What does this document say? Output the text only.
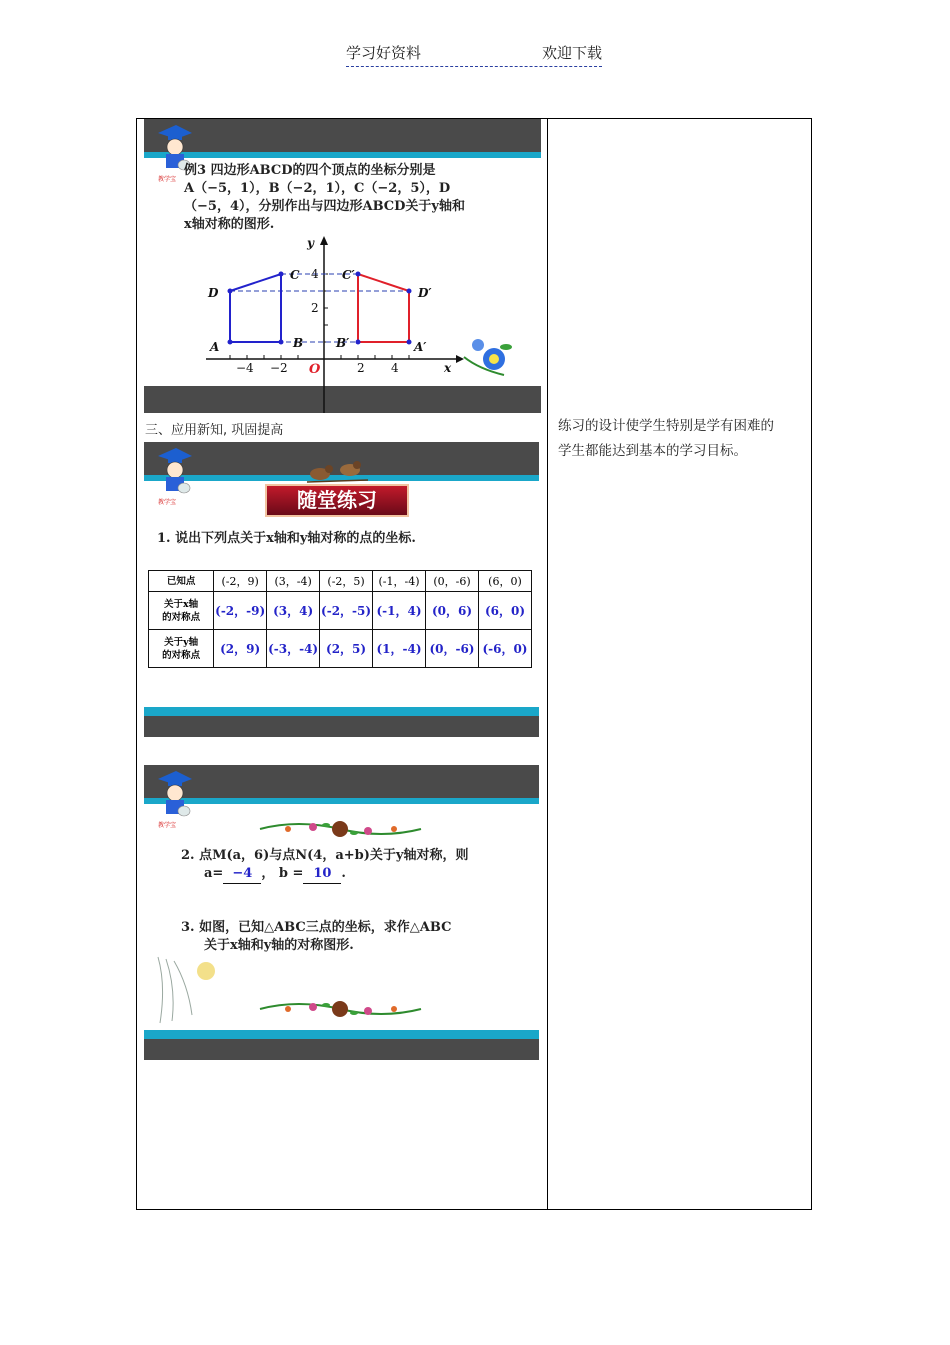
学习好资料	欢迎下载
教学宝
例3 四边形ABCD的四个顶点的坐标分别是
A（−5，1），B（−2，1），C（−2，5），D
（−5，4），分别作出与四边形ABCD关于y轴和
x轴对称的图形.
A	B
C
D
A′
B′
C′
D′
x
y
O
−4 −2	2 4
2
4
三、应用新知, 巩固提高	练习的设计使学生特别是学有困难的学生都能达到基本的学习目标。
教学宝	随堂练习
1. 说出下列点关于x轴和y轴对称的点的坐标.
已知点	(-2，9)	(3，-4)	(-2，5)	(-1，-4)	(0，-6)	(6，0)

关于x轴
的对称点	(-2，-9)	(3，4)	(-2，-5)	(-1，4)	(0，6)	(6，0)

关于y轴
的对称点	(2，9)	(-3，-4)	(2，5)	(1，-4)	(0，-6)	(-6，0)
教学宝
2. 点M(a，6)与点N(4，a+b)关于y轴对称，则
a= −4 ， b = 10 .
3. 如图，已知△ABC三点的坐标，求作△ABC
关于x轴和y轴的对称图形.
